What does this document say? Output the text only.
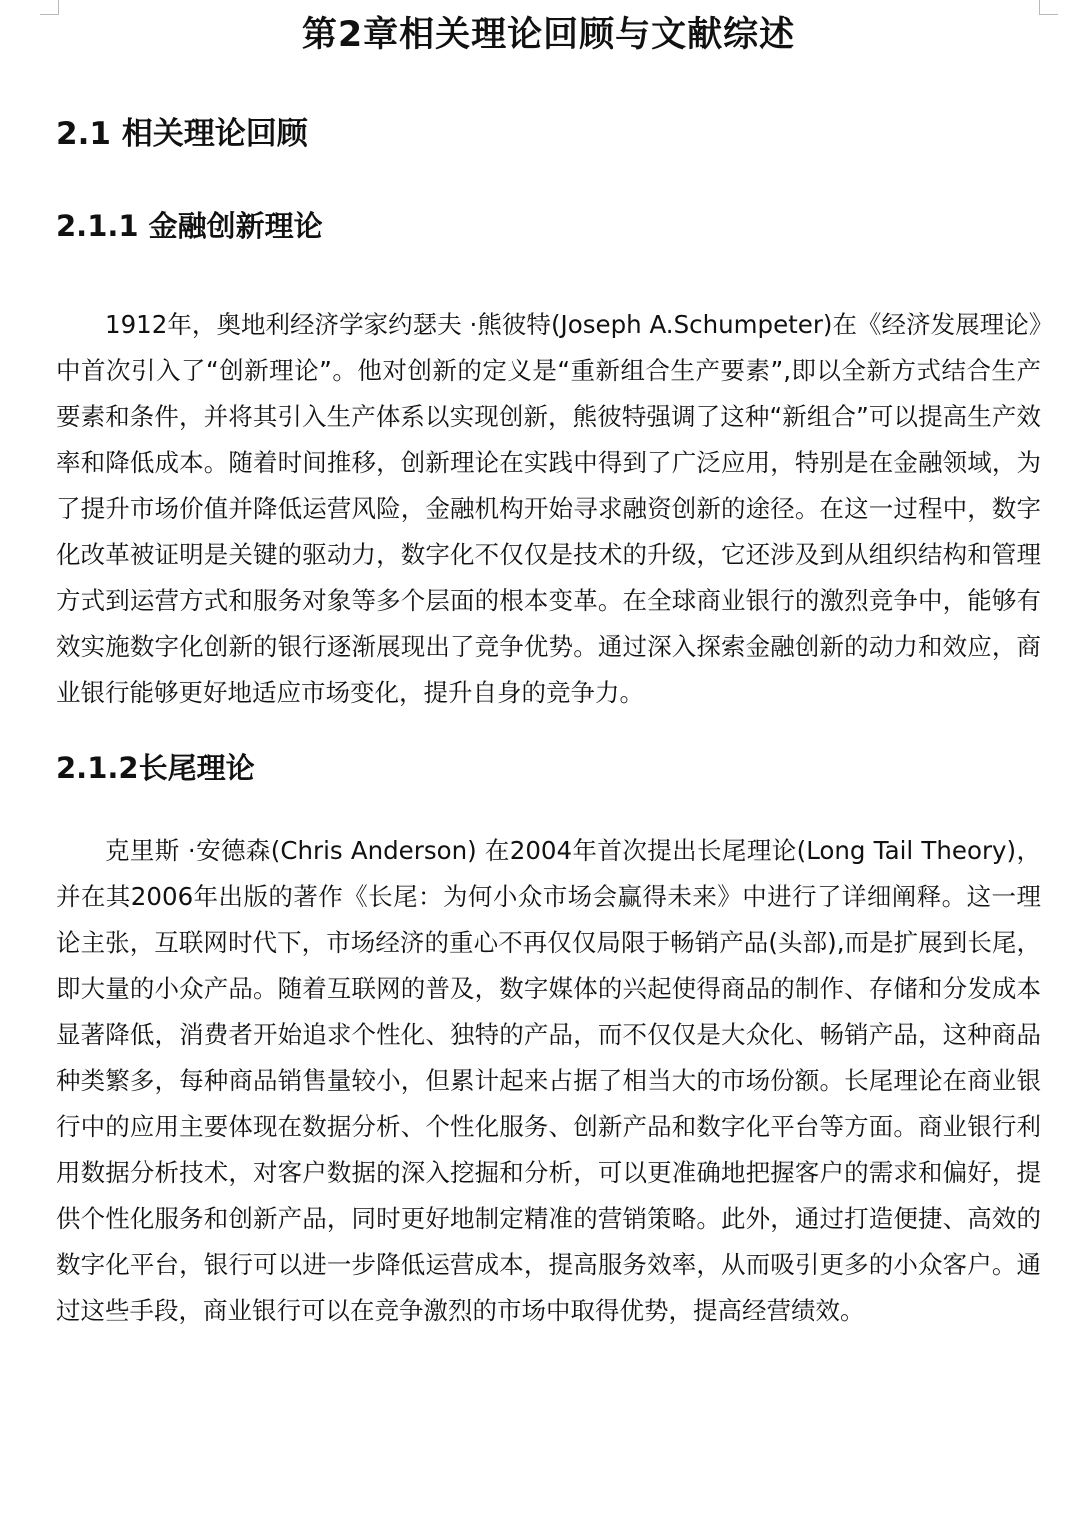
第2章相关理论回顾与文献综述
2.1 相关理论回顾
2.1.1 金融创新理论

1912年，奥地利经济学家约瑟夫 ·熊彼特(Joseph A.Schumpeter)在《经济发展理论》中首次引入了“创新理论”。他对创新的定义是“重新组合生产要素”,即以全新方式结合生产要素和条件，并将其引入生产体系以实现创新，熊彼特强调了这种“新组合”可以提高生产效率和降低成本。随着时间推移，创新理论在实践中得到了广泛应用，特别是在金融领域，为了提升市场价值并降低运营风险，金融机构开始寻求融资创新的途径。在这一过程中，数字化改革被证明是关键的驱动力，数字化不仅仅是技术的升级，它还涉及到从组织结构和管理方式到运营方式和服务对象等多个层面的根本变革。在全球商业银行的激烈竞争中，能够有效实施数字化创新的银行逐渐展现出了竞争优势。通过深入探索金融创新的动力和效应，商业银行能够更好地适应市场变化，提升自身的竞争力。

2.1.2长尾理论

克里斯 ·安德森(Chris Anderson) 在2004年首次提出长尾理论(Long Tail Theory)，并在其2006年出版的著作《长尾：为何小众市场会赢得未来》中进行了详细阐释。这一理论主张，互联网时代下，市场经济的重心不再仅仅局限于畅销产品(头部),而是扩展到长尾，即大量的小众产品。随着互联网的普及，数字媒体的兴起使得商品的制作、存储和分发成本显著降低，消费者开始追求个性化、独特的产品，而不仅仅是大众化、畅销产品，这种商品种类繁多，每种商品销售量较小，但累计起来占据了相当大的市场份额。长尾理论在商业银行中的应用主要体现在数据分析、个性化服务、创新产品和数字化平台等方面。商业银行利用数据分析技术，对客户数据的深入挖掘和分析，可以更准确地把握客户的需求和偏好，提供个性化服务和创新产品，同时更好地制定精准的营销策略。此外，通过打造便捷、高效的数字化平台，银行可以进一步降低运营成本，提高服务效率，从而吸引更多的小众客户。通过这些手段，商业银行可以在竞争激烈的市场中取得优势，提高经营绩效。
